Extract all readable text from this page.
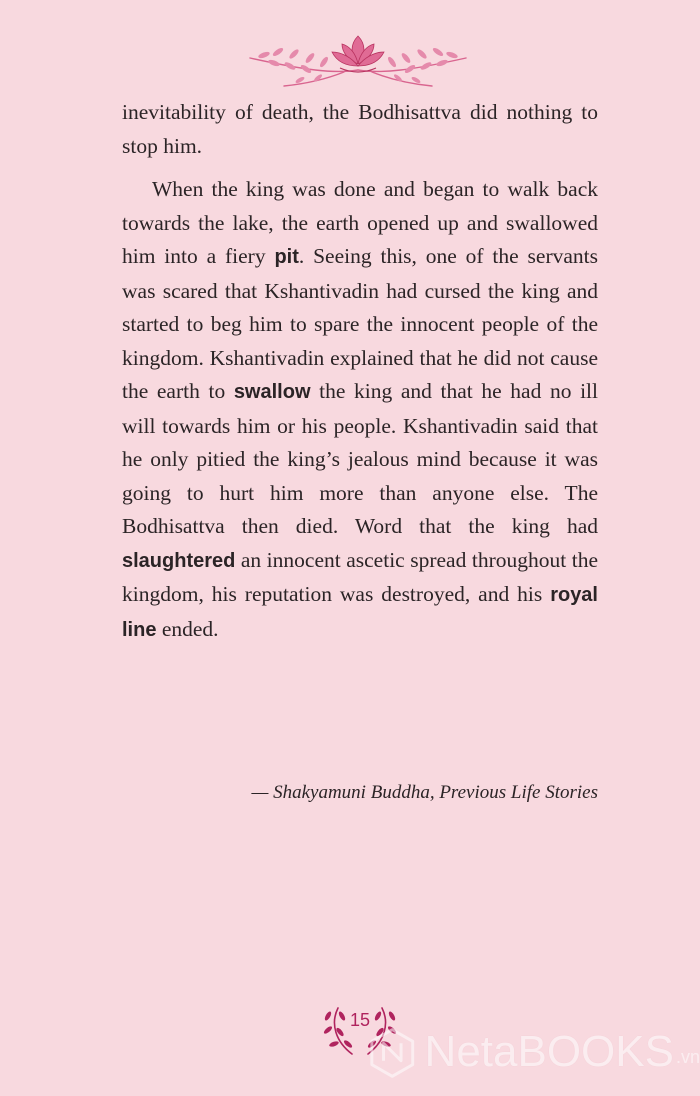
inevitability of death, the Bodhisattva did nothing to stop him.

When the king was done and began to walk back towards the lake, the earth opened up and swallowed him into a fiery pit. Seeing this, one of the servants was scared that Kshantivadin had cursed the king and started to beg him to spare the innocent people of the kingdom. Kshantivadin explained that he did not cause the earth to swallow the king and that he had no ill will towards him or his people. Kshantivadin said that he only pitied the king’s jealous mind because it was going to hurt him more than anyone else. The Bodhisattva then died. Word that the king had slaughtered an innocent ascetic spread throughout the kingdom, his reputation was destroyed, and his royal line ended.

— Shakyamuni Buddha, Previous Life Stories
15
NetaBOOKS .vn
